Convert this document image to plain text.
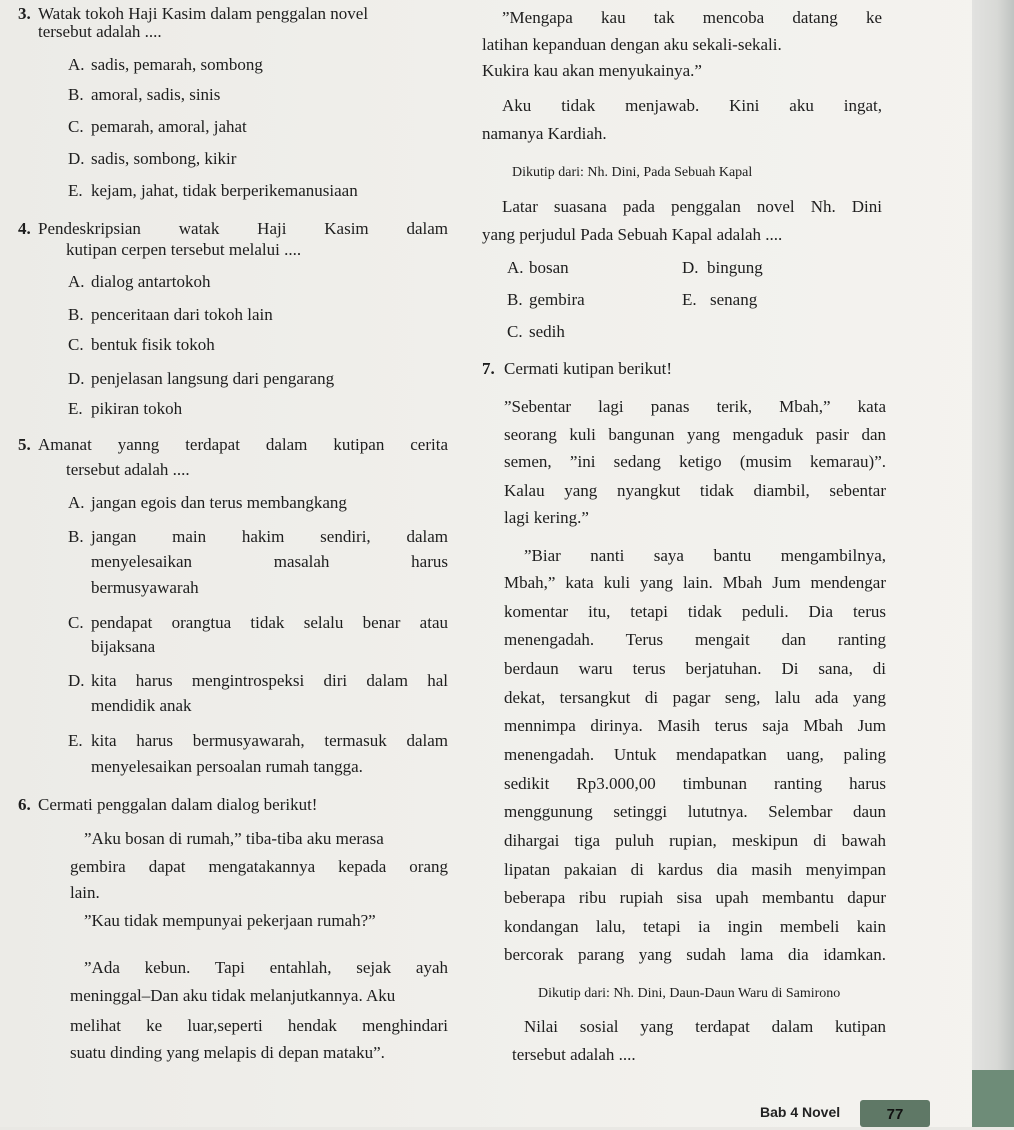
3. Watak tokoh Haji Kasim dalam penggalan novel
tersebut adalah ....
A. sadis, pemarah, sombong
B. amoral, sadis, sinis
C. pemarah, amoral, jahat
D. sadis, sombong, kikir
E. kejam, jahat, tidak berperikemanusiaan
4. Pendeskripsian watak Haji Kasim dalam
kutipan cerpen tersebut melalui ....
A. dialog antartokoh
B. penceritaan dari tokoh lain
C. bentuk fisik tokoh
D. penjelasan langsung dari pengarang
E. pikiran tokoh
5. Amanat yanng terdapat dalam kutipan cerita
tersebut adalah ....
A. jangan egois dan terus membangkang
B. jangan main hakim sendiri, dalam
menyelesaikan masalah harus
bermusyawarah
C. pendapat orangtua tidak selalu benar atau
bijaksana
D. kita harus mengintrospeksi diri dalam hal
mendidik anak
E. kita harus bermusyawarah, termasuk dalam
menyelesaikan persoalan rumah tangga.
6. Cermati penggalan dalam dialog berikut!
”Aku bosan di rumah,” tiba-tiba aku merasa
gembira dapat mengatakannya kepada orang
lain.
”Kau tidak mempunyai pekerjaan rumah?”
”Ada kebun. Tapi entahlah, sejak ayah
meninggal–Dan aku tidak melanjutkannya. Aku
melihat ke luar,seperti hendak menghindari
suatu dinding yang melapis di depan mataku”.
”Mengapa kau tak mencoba datang ke
latihan kepanduan dengan aku sekali-sekali.
Kukira kau akan menyukainya.”
Aku tidak menjawab. Kini aku ingat,
namanya Kardiah.
Dikutip dari: Nh. Dini, Pada Sebuah Kapal
Latar suasana pada penggalan novel Nh. Dini
yang perjudul Pada Sebuah Kapal adalah ....
A. bosan	D. bingung
B. gembira	E. senang
C. sedih
7. Cermati kutipan berikut!
”Sebentar lagi panas terik, Mbah,” kata
seorang kuli bangunan yang mengaduk pasir dan
semen, ”ini sedang ketigo (musim kemarau)”.
Kalau yang nyangkut tidak diambil, sebentar
lagi kering.”
”Biar nanti saya bantu mengambilnya,
Mbah,” kata kuli yang lain. Mbah Jum mendengar
komentar itu, tetapi tidak peduli. Dia terus
menengadah. Terus mengait dan ranting
berdaun waru terus berjatuhan. Di sana, di
dekat, tersangkut di pagar seng, lalu ada yang
mennimpa dirinya. Masih terus saja Mbah Jum
menengadah. Untuk mendapatkan uang, paling
sedikit Rp3.000,00 timbunan ranting harus
menggunung setinggi lututnya. Selembar daun
dihargai tiga puluh rupian, meskipun di bawah
lipatan pakaian di kardus dia masih menyimpan
beberapa ribu rupiah sisa upah membantu dapur
kondangan lalu, tetapi ia ingin membeli kain
bercorak parang yang sudah lama dia idamkan.
Dikutip dari: Nh. Dini, Daun-Daun Waru di Samirono
Nilai sosial yang terdapat dalam kutipan
tersebut adalah ....
Bab 4 Novel	77
